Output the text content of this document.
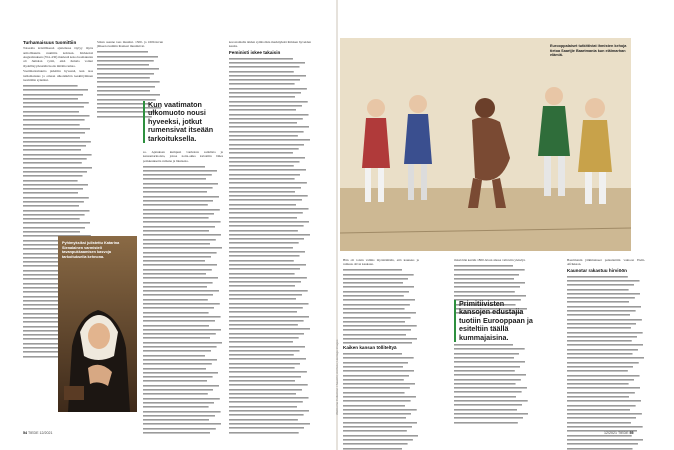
Turhamaisuus tuomittiin

Toisaalta kristillisessä ajattelussa täytyy myös armollisuutta ruumiita kohtaan. Kirkkoisä Augustinuksen (354–430) mielestä koko luomakunta oli Jumalan työtä, eikä Jumala voinut täydellisyydessään luoda mitään rumaa.

Vaatimattomuutta pidettiin hyveenä, kun taas turhamaisuus ja omaan ulkonäköön keskittyminen tuomittiin synniksi.

Sitten asenne taas muuttui. 1500- ja 1600-luvun jälkeen ruumiin ihanteet muuttuivat.

Kun vaatimaton ulkomuoto nousi hyveeksi, jotkut rumensivat itseään tarkoituksella.

sa. Ajatuksen kumpusi vanhoista sadulista ja kansantarinoista, joissa noita-akka kuvattiin lähes poikkeuksetta rumana ja likaisena.

korostamalla niiden symbolisia merkityksiä ihmisen hyveiden kautta.

Feministi iskee takaisin
Pyhimyksiksi julistettu Katarina Sienalainen varmisteli tavanpukkaamisen kasvoja tarkoituksella kehnona.
54 TIEDE 12/2021
Eurooppalaiset tutkittiviat ihmisten kehoja tietoa Saartjie Baartmania kun eläimarhan elämiä.
Wellcome Collection / Saatchi; Archivio; Heritage Images

Hän oli toisin valmis myöntämään, että kauneus ja rumuus olivat kaukaan.

Kaiken kansan tölliteltyä

missä hän kerääs 1800-luvun alussa valtaviin yleisöjä.

Primitiivisten kansojen edustajia tuotiin Eurooppaan ja esiteltiin täällä kummajaisina.

Baartmanin jälkimaineet palauttettiin vainoon Etelä-Afrikkaan.

Kaunotar rakastuu hirviöön
12/2021 TIEDE 55
